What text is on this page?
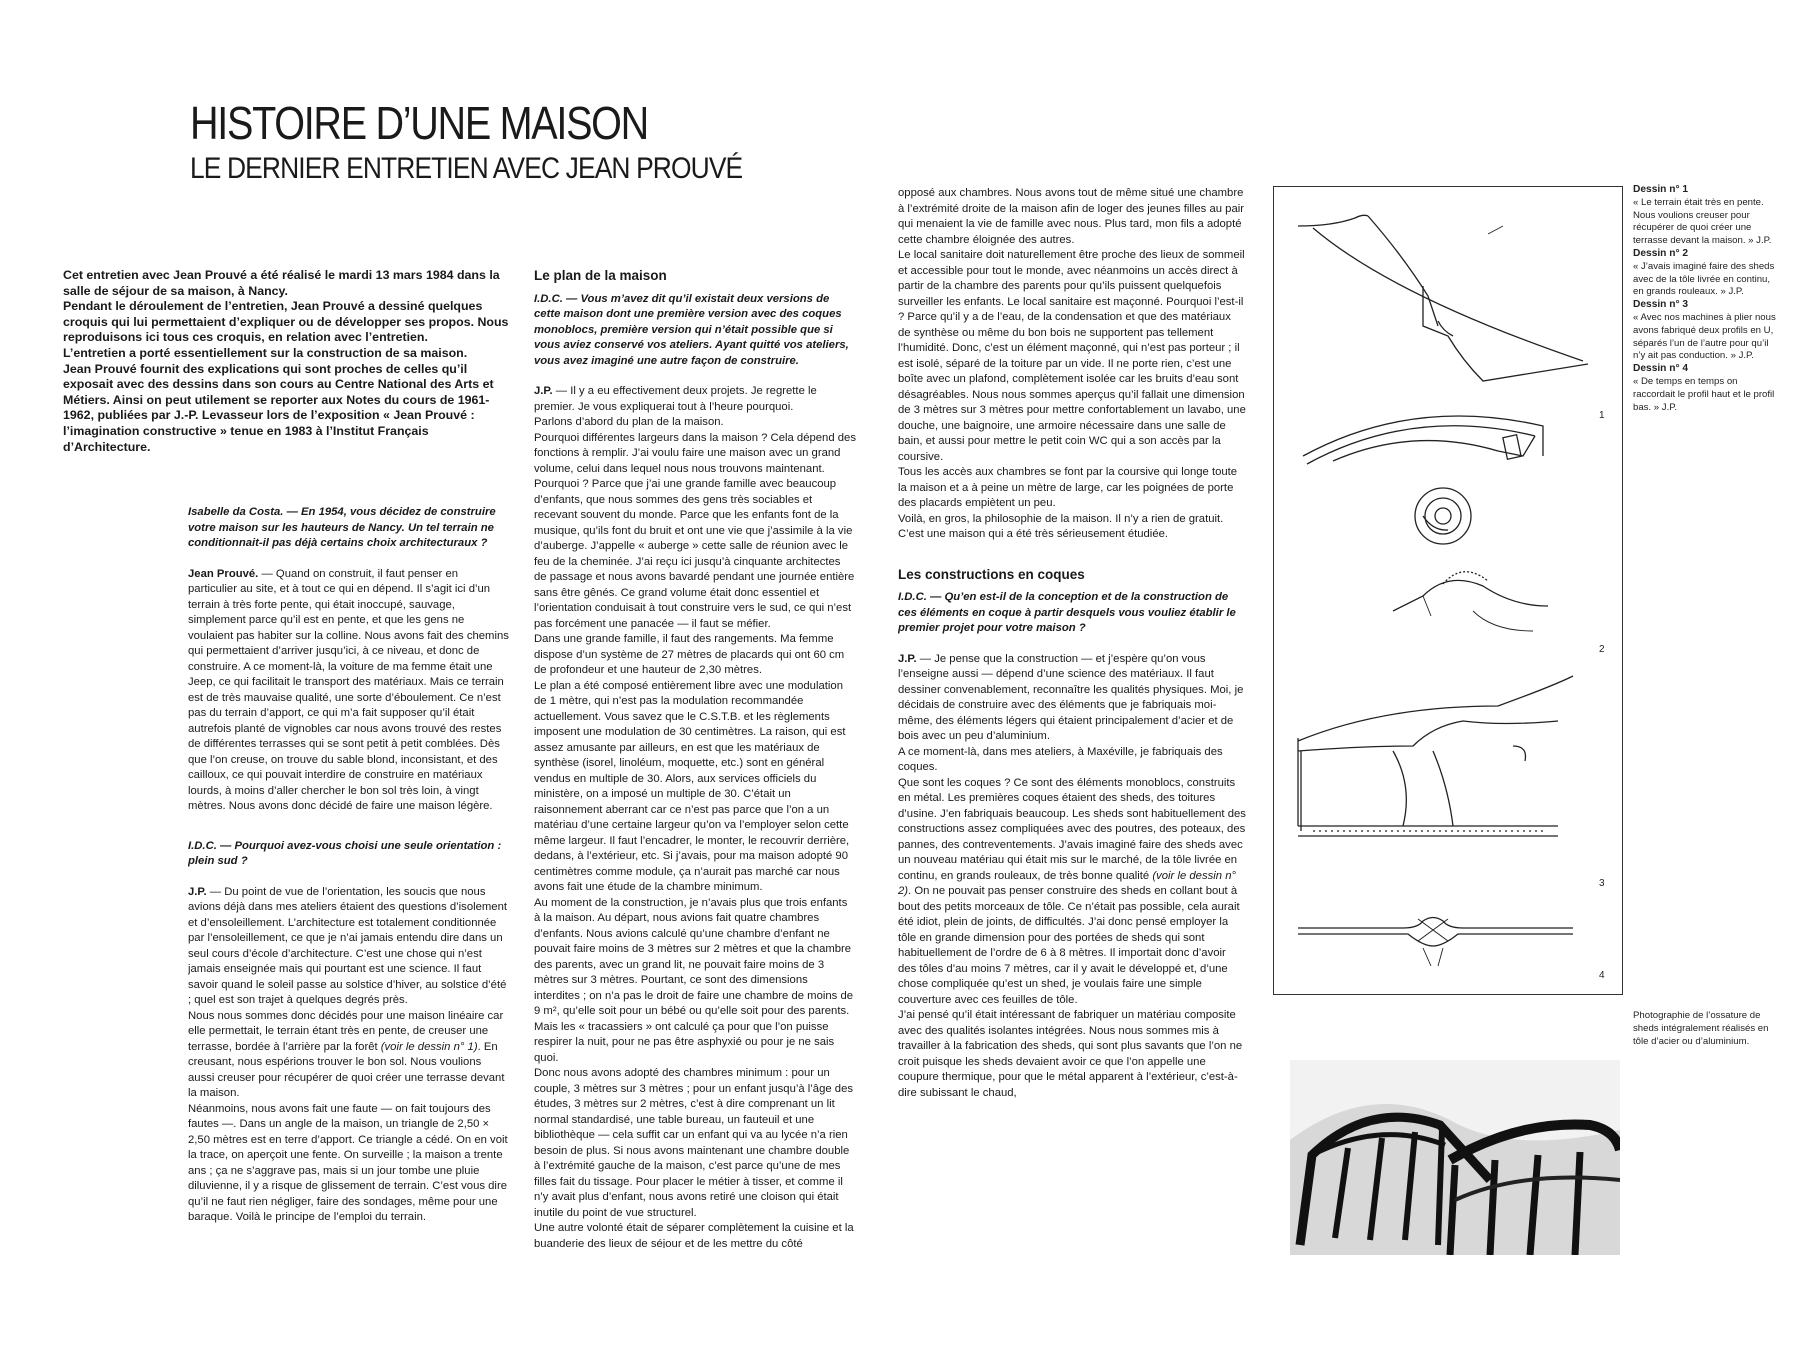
HISTOIRE D’UNE MAISON
LE DERNIER ENTRETIEN AVEC JEAN PROUVÉ

Cet entretien avec Jean Prouvé a été réalisé le mardi 13 mars 1984 dans la salle de séjour de sa maison, à Nancy.

Pendant le déroulement de l’entretien, Jean Prouvé a dessiné quelques croquis qui lui permettaient d’expliquer ou de développer ses propos. Nous reproduisons ici tous ces croquis, en relation avec l’entretien.

L’entretien a porté essentiellement sur la construction de sa maison.

Jean Prouvé fournit des explications qui sont proches de celles qu’il exposait avec des dessins dans son cours au Centre National des Arts et Métiers. Ainsi on peut utilement se reporter aux Notes du cours de 1961-1962, publiées par J.-P. Levasseur lors de l’exposition « Jean Prouvé : l’imagination constructive » tenue en 1983 à l’Institut Français d’Architecture.

Isabelle da Costa. — En 1954, vous décidez de construire votre maison sur les hauteurs de Nancy. Un tel terrain ne conditionnait-il pas déjà certains choix architecturaux ?

Jean Prouvé. — Quand on construit, il faut penser en particulier au site, et à tout ce qui en dépend. Il s’agit ici d’un terrain à très forte pente, qui était inoccupé, sauvage, simplement parce qu’il est en pente, et que les gens ne voulaient pas habiter sur la colline. Nous avons fait des chemins qui permettaient d’arriver jusqu’ici, à ce niveau, et donc de construire. A ce moment-là, la voiture de ma femme était une Jeep, ce qui facilitait le transport des matériaux. Mais ce terrain est de très mauvaise qualité, une sorte d’éboulement. Ce n’est pas du terrain d’apport, ce qui m’a fait supposer qu’il était autrefois planté de vignobles car nous avons trouvé des restes de différentes terrasses qui se sont petit à petit comblées. Dès que l’on creuse, on trouve du sable blond, inconsistant, et des cailloux, ce qui pouvait interdire de construire en matériaux lourds, à moins d’aller chercher le bon sol très loin, à vingt mètres. Nous avons donc décidé de faire une maison légère.

I.D.C. — Pourquoi avez-vous choisi une seule orientation : plein sud ?

J.P. — Du point de vue de l’orientation, les soucis que nous avions déjà dans mes ateliers étaient des questions d’isolement et d’ensoleillement. L’architecture est totalement conditionnée par l’ensoleillement, ce que je n’ai jamais entendu dire dans un seul cours d’école d’architecture. C’est une chose qui n’est jamais enseignée mais qui pourtant est une science. Il faut savoir quand le soleil passe au solstice d’hiver, au solstice d’été ; quel est son trajet à quelques degrés près.

Nous nous sommes donc décidés pour une maison linéaire car elle permettait, le terrain étant très en pente, de creuser une terrasse, bordée à l’arrière par la forêt (voir le dessin n° 1). En creusant, nous espérions trouver le bon sol. Nous voulions aussi creuser pour récupérer de quoi créer une terrasse devant la maison.

Néanmoins, nous avons fait une faute — on fait toujours des fautes —. Dans un angle de la maison, un triangle de 2,50 × 2,50 mètres est en terre d’apport. Ce triangle a cédé. On en voit la trace, on aperçoit une fente. On surveille ; la maison a trente ans ; ça ne s’aggrave pas, mais si un jour tombe une pluie diluvienne, il y a risque de glissement de terrain. C’est vous dire qu’il ne faut rien négliger, faire des sondages, même pour une baraque. Voilà le principe de l’emploi du terrain.

Le plan de la maison

I.D.C. — Vous m’avez dit qu’il existait deux versions de cette maison dont une première version avec des coques monoblocs, première version qui n’était possible que si vous aviez conservé vos ateliers. Ayant quitté vos ateliers, vous avez imaginé une autre façon de construire.

J.P. — Il y a eu effectivement deux projets. Je regrette le premier. Je vous expliquerai tout à l’heure pourquoi.

Parlons d’abord du plan de la maison.

Pourquoi différentes largeurs dans la maison ? Cela dépend des fonctions à remplir. J’ai voulu faire une maison avec un grand volume, celui dans lequel nous nous trouvons maintenant. Pourquoi ? Parce que j’ai une grande famille avec beaucoup d’enfants, que nous sommes des gens très sociables et recevant souvent du monde. Parce que les enfants font de la musique, qu’ils font du bruit et ont une vie que j’assimile à la vie d’auberge. J’appelle « auberge » cette salle de réunion avec le feu de la cheminée. J’ai reçu ici jusqu’à cinquante architectes de passage et nous avons bavardé pendant une journée entière sans être gênés. Ce grand volume était donc essentiel et l’orientation conduisait à tout construire vers le sud, ce qui n’est pas forcément une panacée — il faut se méfier.

Dans une grande famille, il faut des rangements. Ma femme dispose d’un système de 27 mètres de placards qui ont 60 cm de profondeur et une hauteur de 2,30 mètres.

Le plan a été composé entièrement libre avec une modulation de 1 mètre, qui n’est pas la modulation recommandée actuellement. Vous savez que le C.S.T.B. et les règlements imposent une modulation de 30 centimètres. La raison, qui est assez amusante par ailleurs, en est que les matériaux de synthèse (isorel, linoléum, moquette, etc.) sont en général vendus en multiple de 30. Alors, aux services officiels du ministère, on a imposé un multiple de 30. C’était un raisonnement aberrant car ce n’est pas parce que l’on a un matériau d’une certaine largeur qu’on va l’employer selon cette même largeur. Il faut l’encadrer, le monter, le recouvrir derrière, dedans, à l’extérieur, etc. Si j’avais, pour ma maison adopté 90 centimètres comme module, ça n’aurait pas marché car nous avons fait une étude de la chambre minimum.

Au moment de la construction, je n’avais plus que trois enfants à la maison. Au départ, nous avions fait quatre chambres d’enfants. Nous avions calculé qu’une chambre d’enfant ne pouvait faire moins de 3 mètres sur 2 mètres et que la chambre des parents, avec un grand lit, ne pouvait faire moins de 3 mètres sur 3 mètres. Pourtant, ce sont des dimensions interdites ; on n’a pas le droit de faire une chambre de moins de 9 m², qu’elle soit pour un bébé ou qu’elle soit pour des parents. Mais les « tracassiers » ont calculé ça pour que l’on puisse respirer la nuit, pour ne pas être asphyxié ou pour je ne sais quoi.

Donc nous avons adopté des chambres minimum : pour un couple, 3 mètres sur 3 mètres ; pour un enfant jusqu’à l’âge des études, 3 mètres sur 2 mètres, c’est à dire comprenant un lit normal standardisé, une table bureau, un fauteuil et une bibliothèque — cela suffit car un enfant qui va au lycée n’a rien besoin de plus. Si nous avons maintenant une chambre double à l’extrémité gauche de la maison, c’est parce qu’une de mes filles fait du tissage. Pour placer le métier à tisser, et comme il n’y avait plus d’enfant, nous avons retiré une cloison qui était inutile du point de vue structurel.

Une autre volonté était de séparer complètement la cuisine et la buanderie des lieux de séjour et de les mettre du côté

opposé aux chambres. Nous avons tout de même situé une chambre à l’extrémité droite de la maison afin de loger des jeunes filles au pair qui menaient la vie de famille avec nous. Plus tard, mon fils a adopté cette chambre éloignée des autres.

Le local sanitaire doit naturellement être proche des lieux de sommeil et accessible pour tout le monde, avec néanmoins un accès direct à partir de la chambre des parents pour qu’ils puissent quelquefois surveiller les enfants. Le local sanitaire est maçonné. Pourquoi l’est-il ? Parce qu’il y a de l’eau, de la condensation et que des matériaux de synthèse ou même du bon bois ne supportent pas tellement l’humidité. Donc, c’est un élément maçonné, qui n’est pas porteur ; il est isolé, séparé de la toiture par un vide. Il ne porte rien, c’est une boîte avec un plafond, complètement isolée car les bruits d’eau sont désagréables. Nous nous sommes aperçus qu’il fallait une dimension de 3 mètres sur 3 mètres pour mettre confortablement un lavabo, une douche, une baignoire, une armoire nécessaire dans une salle de bain, et aussi pour mettre le petit coin WC qui a son accès par la coursive.

Tous les accès aux chambres se font par la coursive qui longe toute la maison et a à peine un mètre de large, car les poignées de porte des placards empiètent un peu.

Voilà, en gros, la philosophie de la maison. Il n’y a rien de gratuit. C’est une maison qui a été très sérieusement étudiée.

Les constructions en coques

I.D.C. — Qu’en est-il de la conception et de la construction de ces éléments en coque à partir desquels vous vouliez établir le premier projet pour votre maison ?

J.P. — Je pense que la construction — et j’espère qu’on vous l’enseigne aussi — dépend d’une science des matériaux. Il faut dessiner convenablement, reconnaître les qualités physiques. Moi, je décidais de construire avec des éléments que je fabriquais moi-même, des éléments légers qui étaient principalement d’acier et de bois avec un peu d’aluminium.

A ce moment-là, dans mes ateliers, à Maxéville, je fabriquais des coques.

Que sont les coques ? Ce sont des éléments monoblocs, construits en métal. Les premières coques étaient des sheds, des toitures d’usine. J’en fabriquais beaucoup. Les sheds sont habituellement des constructions assez compliquées avec des poutres, des poteaux, des pannes, des contreventements. J’avais imaginé faire des sheds avec un nouveau matériau qui était mis sur le marché, de la tôle livrée en continu, en grands rouleaux, de très bonne qualité (voir le dessin n° 2). On ne pouvait pas penser construire des sheds en collant bout à bout des petits morceaux de tôle. Ce n’était pas possible, cela aurait été idiot, plein de joints, de difficultés. J’ai donc pensé employer la tôle en grande dimension pour des portées de sheds qui sont habituellement de l’ordre de 6 à 8 mètres. Il importait donc d’avoir des tôles d’au moins 7 mètres, car il y avait le développé et, d’une chose compliquée qu’est un shed, je voulais faire une simple couverture avec ces feuilles de tôle.

J’ai pensé qu’il était intéressant de fabriquer un matériau composite avec des qualités isolantes intégrées. Nous nous sommes mis à travailler à la fabrication des sheds, qui sont plus savants que l’on ne croit puisque les sheds devaient avoir ce que l’on appelle une coupure thermique, pour que le métal apparent à l’extérieur, c’est-à-dire subissant le chaud,

1
2
3
4
Dessin n° 1
« Le terrain était très en pente. Nous voulions creuser pour récupérer de quoi créer une terrasse devant la maison. » J.P.
Dessin n° 2
« J’avais imaginé faire des sheds avec de la tôle livrée en continu, en grands rouleaux. » J.P.
Dessin n° 3
« Avec nos machines à plier nous avons fabriqué deux profils en U, séparés l’un de l’autre pour qu’il n’y ait pas conduction. » J.P.
Dessin n° 4
« De temps en temps on raccordait le profil haut et le profil bas. » J.P.
Photographie de l’ossature de sheds intégralement réalisés en tôle d’acier ou d’aluminium.
